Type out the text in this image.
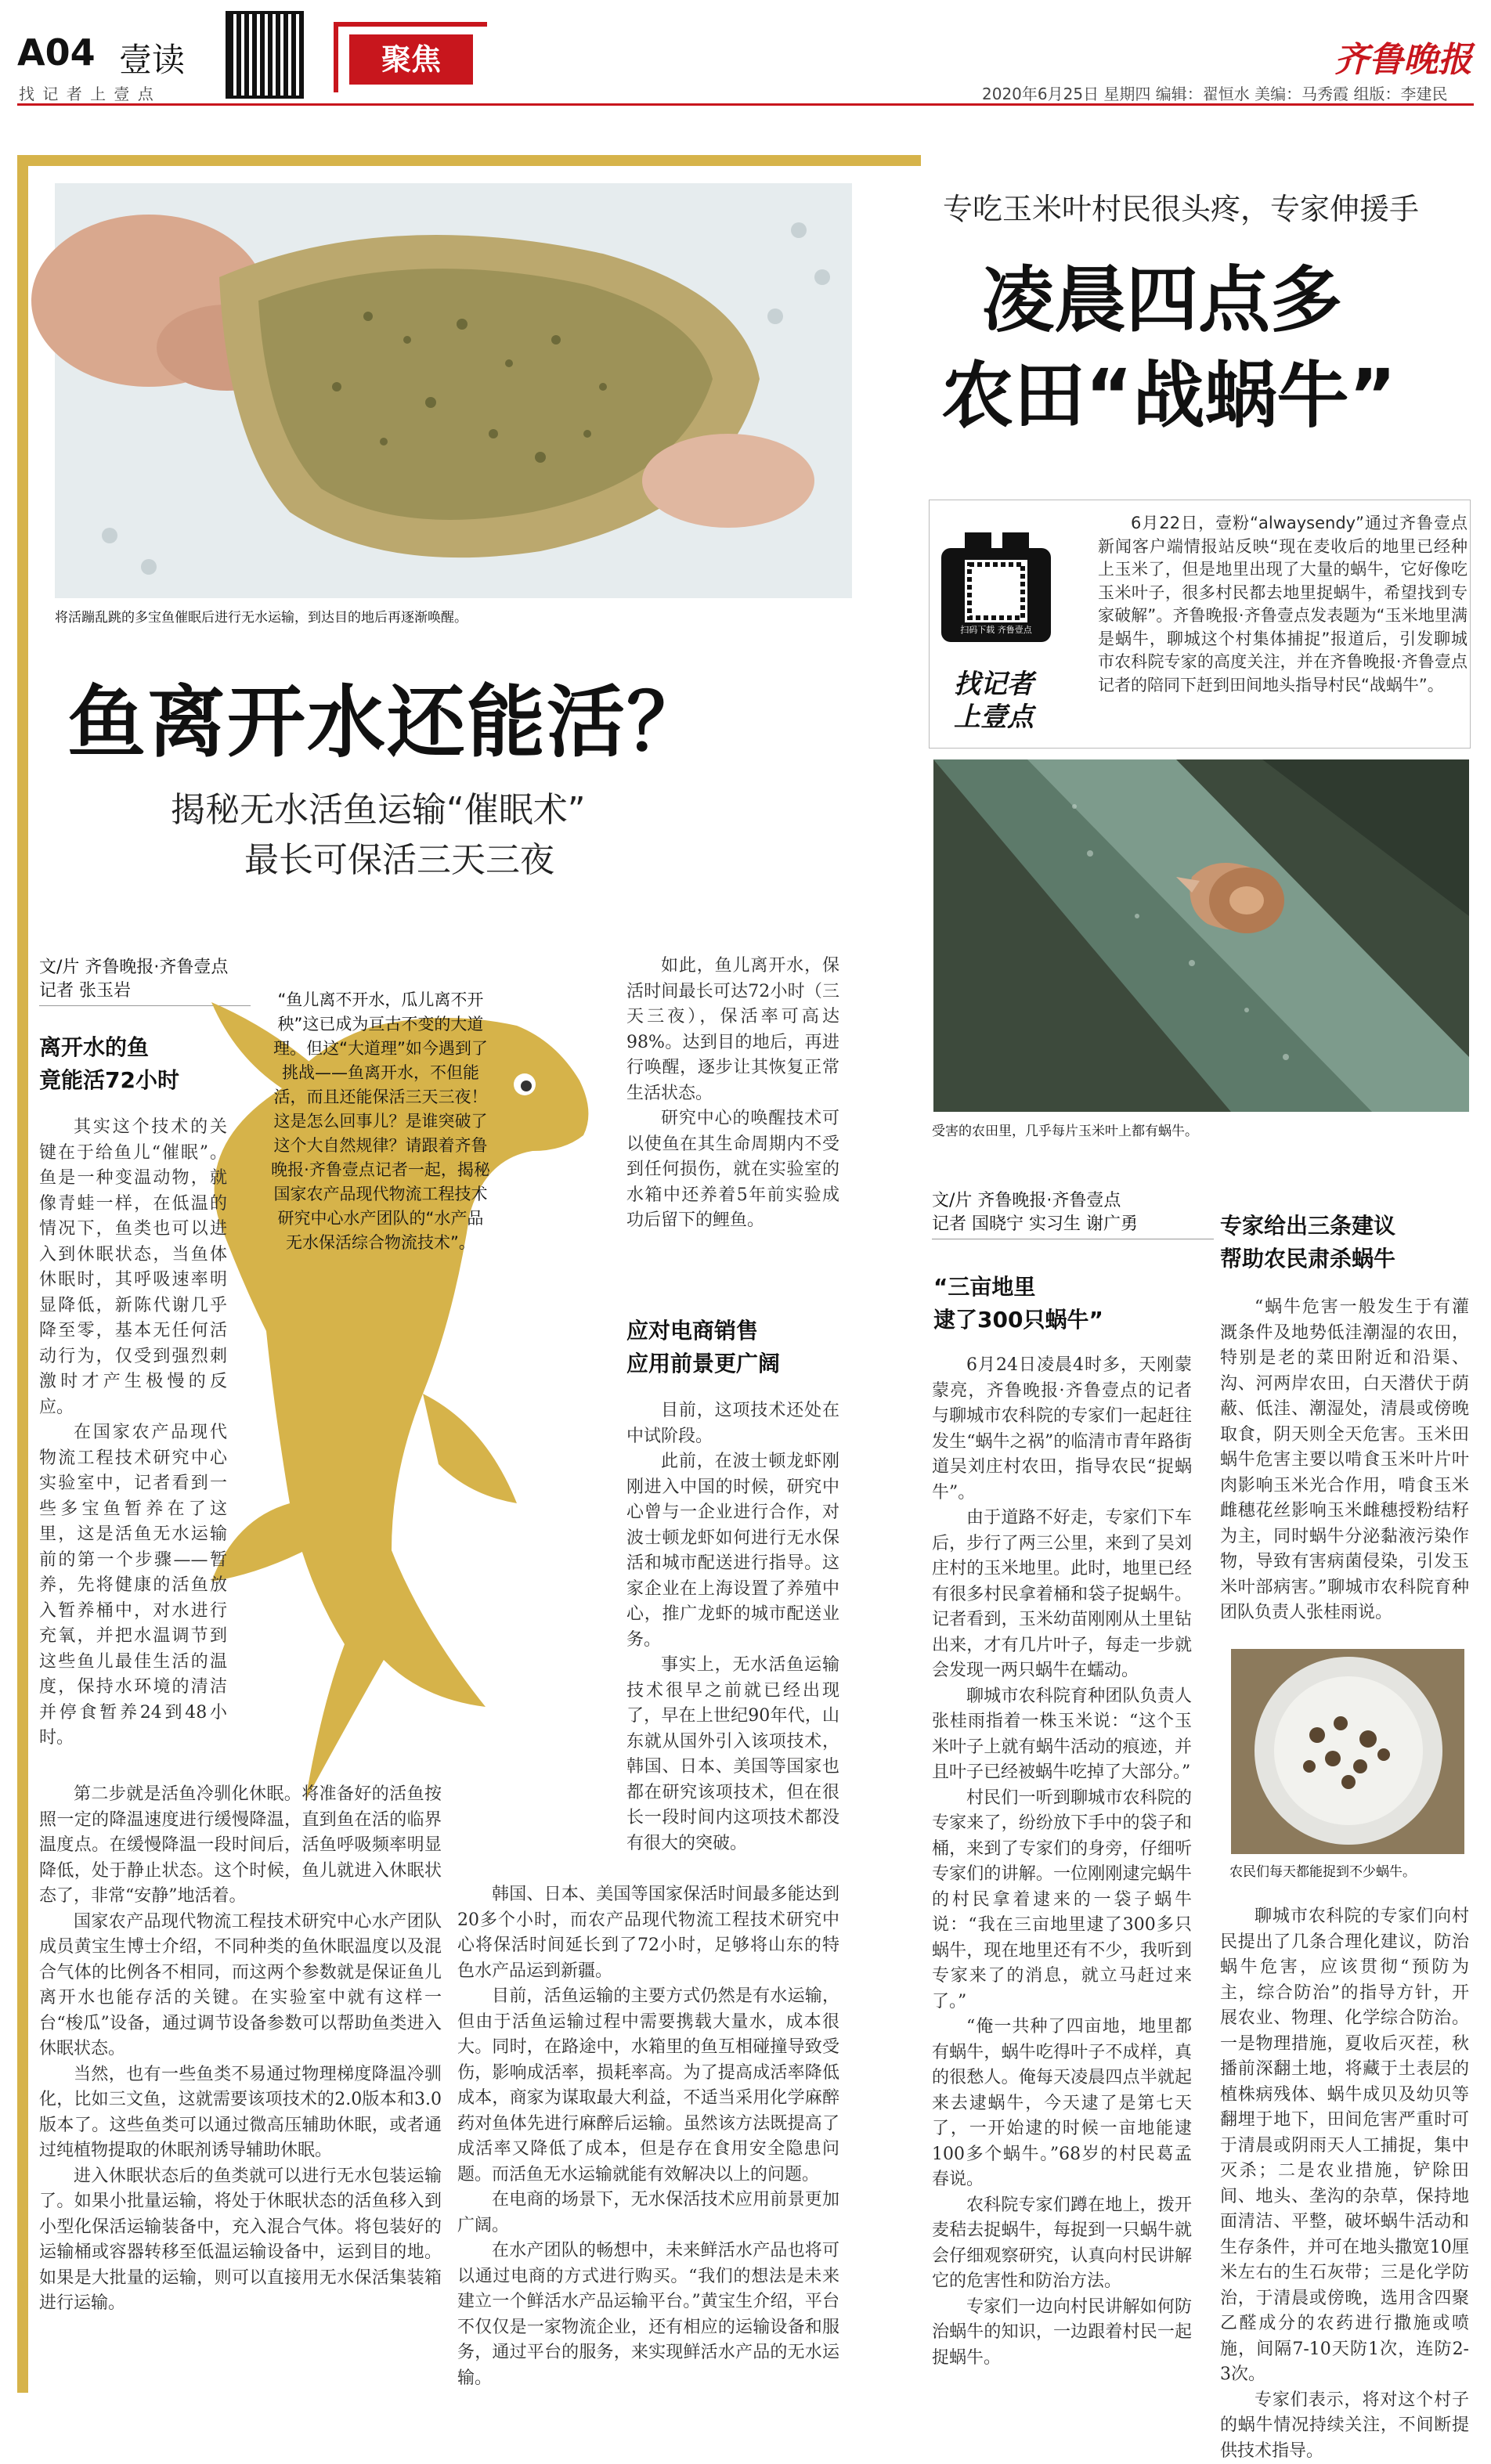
A04 壹读
找 记 者 上 壹 点
聚焦	齐鲁晚报
2020年6月25日 星期四 编辑：翟恒水 美编：马秀霞 组版：李建民
将活蹦乱跳的多宝鱼催眠后进行无水运输，到达目的地后再逐渐唤醒。
鱼离开水还能活？
揭秘无水活鱼运输“催眠术”
最长可保活三天三夜
文/片 齐鲁晚报·齐鲁壹点
记者 张玉岩
离开水的鱼
竟能活72小时
“鱼儿离不开水，瓜儿离不开秧”这已成为亘古不变的大道理。但这“大道理”如今遇到了挑战——鱼离开水，不但能活，而且还能保活三天三夜！这是怎么回事儿？是谁突破了这个大自然规律？请跟着齐鲁晚报·齐鲁壹点记者一起，揭秘国家农产品现代物流工程技术研究中心水产团队的“水产品无水保活综合物流技术”。

其实这个技术的关键在于给鱼儿“催眠”。鱼是一种变温动物，就像青蛙一样，在低温的情况下，鱼类也可以进入到休眠状态，当鱼体休眠时，其呼吸速率明显降低，新陈代谢几乎降至零，基本无任何活动行为，仅受到强烈刺激时才产生极慢的反应。

在国家农产品现代物流工程技术研究中心实验室中，记者看到一些多宝鱼暂养在了这里，这是活鱼无水运输前的第一个步骤——暂养，先将健康的活鱼放入暂养桶中，对水进行充氧，并把水温调节到这些鱼儿最佳生活的温度，保持水环境的清洁并停食暂养24到48小时。

如此，鱼儿离开水，保活时间最长可达72小时（三天三夜），保活率可高达98%。达到目的地后，再进行唤醒，逐步让其恢复正常生活状态。

研究中心的唤醒技术可以使鱼在其生命周期内不受到任何损伤，就在实验室的水箱中还养着5年前实验成功后留下的鲤鱼。

应对电商销售
应用前景更广阔

目前，这项技术还处在中试阶段。

此前，在波士顿龙虾刚刚进入中国的时候，研究中心曾与一企业进行合作，对波士顿龙虾如何进行无水保活和城市配送进行指导。这家企业在上海设置了养殖中心，推广龙虾的城市配送业务。

事实上，无水活鱼运输技术很早之前就已经出现了，早在上世纪90年代，山东就从国外引入该项技术，韩国、日本、美国等国家也都在研究该项技术，但在很长一段时间内这项技术都没有很大的突破。

第二步就是活鱼冷驯化休眠。将准备好的活鱼按照一定的降温速度进行缓慢降温，直到鱼在活的临界温度点。在缓慢降温一段时间后，活鱼呼吸频率明显降低，处于静止状态。这个时候，鱼儿就进入休眠状态了，非常“安静”地活着。

国家农产品现代物流工程技术研究中心水产团队成员黄宝生博士介绍，不同种类的鱼休眠温度以及混合气体的比例各不相同，而这两个参数就是保证鱼儿离开水也能存活的关键。在实验室中就有这样一台“梭瓜”设备，通过调节设备参数可以帮助鱼类进入休眠状态。

当然，也有一些鱼类不易通过物理梯度降温冷驯化，比如三文鱼，这就需要该项技术的2.0版本和3.0版本了。这些鱼类可以通过微高压辅助休眠，或者通过纯植物提取的休眠剂诱导辅助休眠。

进入休眠状态后的鱼类就可以进行无水包装运输了。如果小批量运输，将处于休眠状态的活鱼移入到小型化保活运输装备中，充入混合气体。将包装好的运输桶或容器转移至低温运输设备中，运到目的地。如果是大批量的运输，则可以直接用无水保活集装箱进行运输。

韩国、日本、美国等国家保活时间最多能达到20多个小时，而农产品现代物流工程技术研究中心将保活时间延长到了72小时，足够将山东的特色水产品运到新疆。

目前，活鱼运输的主要方式仍然是有水运输，但由于活鱼运输过程中需要携载大量水，成本很大。同时，在路途中，水箱里的鱼互相碰撞导致受伤，影响成活率，损耗率高。为了提高成活率降低成本，商家为谋取最大利益，不适当采用化学麻醉药对鱼体先进行麻醉后运输。虽然该方法既提高了成活率又降低了成本，但是存在食用安全隐患问题。而活鱼无水运输就能有效解决以上的问题。

在电商的场景下，无水保活技术应用前景更加广阔。

在水产团队的畅想中，未来鲜活水产品也将可以通过电商的方式进行购买。“我们的想法是未来建立一个鲜活水产品运输平台。”黄宝生介绍，平台不仅仅是一家物流企业，还有相应的运输设备和服务，通过平台的服务，来实现鲜活水产品的无水运输。

专吃玉米叶村民很头疼，专家伸援手
凌晨四点多
农田“战蜗牛”
扫码下载 齐鲁壹点
找记者
上壹点

6月22日，壹粉“alwaysendy”通过齐鲁壹点新闻客户端情报站反映“现在麦收后的地里已经种上玉米了，但是地里出现了大量的蜗牛，它好像吃玉米叶子，很多村民都去地里捉蜗牛，希望找到专家破解”。齐鲁晚报·齐鲁壹点发表题为“玉米地里满是蜗牛，聊城这个村集体捕捉”报道后，引发聊城市农科院专家的高度关注，并在齐鲁晚报·齐鲁壹点记者的陪同下赶到田间地头指导村民“战蜗牛”。

受害的农田里，几乎每片玉米叶上都有蜗牛。
文/片 齐鲁晚报·齐鲁壹点
记者 国晓宁 实习生 谢广勇
“三亩地里
逮了300只蜗牛”

6月24日凌晨4时多，天刚蒙蒙亮，齐鲁晚报·齐鲁壹点的记者与聊城市农科院的专家们一起赶往发生“蜗牛之祸”的临清市青年路街道吴刘庄村农田，指导农民“捉蜗牛”。

由于道路不好走，专家们下车后，步行了两三公里，来到了吴刘庄村的玉米地里。此时，地里已经有很多村民拿着桶和袋子捉蜗牛。记者看到，玉米幼苗刚刚从土里钻出来，才有几片叶子，每走一步就会发现一两只蜗牛在蠕动。

聊城市农科院育种团队负责人张桂雨指着一株玉米说：“这个玉米叶子上就有蜗牛活动的痕迹，并且叶子已经被蜗牛吃掉了大部分。”

村民们一听到聊城市农科院的专家来了，纷纷放下手中的袋子和桶，来到了专家们的身旁，仔细听专家们的讲解。一位刚刚逮完蜗牛的村民拿着逮来的一袋子蜗牛说：“我在三亩地里逮了300多只蜗牛，现在地里还有不少，我听到专家来了的消息，就立马赶过来了。”

“俺一共种了四亩地，地里都有蜗牛，蜗牛吃得叶子不成样，真的很愁人。俺每天凌晨四点半就起来去逮蜗牛，今天逮了是第七天了，一开始逮的时候一亩地能逮100多个蜗牛。”68岁的村民葛孟春说。

农科院专家们蹲在地上，拨开麦秸去捉蜗牛，每捉到一只蜗牛就会仔细观察研究，认真向村民讲解它的危害性和防治方法。

专家们一边向村民讲解如何防治蜗牛的知识，一边跟着村民一起捉蜗牛。

专家给出三条建议
帮助农民肃杀蜗牛

“蜗牛危害一般发生于有灌溉条件及地势低洼潮湿的农田，特别是老的菜田附近和沿渠、沟、河两岸农田，白天潜伏于荫蔽、低洼、潮湿处，清晨或傍晚取食，阴天则全天危害。玉米田蜗牛危害主要以啃食玉米叶片叶肉影响玉米光合作用，啃食玉米雌穗花丝影响玉米雌穗授粉结籽为主，同时蜗牛分泌黏液污染作物，导致有害病菌侵染，引发玉米叶部病害。”聊城市农科院育种团队负责人张桂雨说。

农民们每天都能捉到不少蜗牛。

聊城市农科院的专家们向村民提出了几条合理化建议，防治蜗牛危害，应该贯彻“预防为主，综合防治”的指导方针，开展农业、物理、化学综合防治。一是物理措施，夏收后灭茬，秋播前深翻土地，将藏于土表层的植株病残体、蜗牛成贝及幼贝等翻埋于地下，田间危害严重时可于清晨或阴雨天人工捕捉，集中灭杀；二是农业措施，铲除田间、地头、垄沟的杂草，保持地面清洁、平整，破坏蜗牛活动和生存条件，并可在地头撒宽10厘米左右的生石灰带；三是化学防治，于清晨或傍晚，选用含四聚乙醛成分的农药进行撒施或喷施，间隔7-10天防1次，连防2-3次。

专家们表示，将对这个村子的蜗牛情况持续关注，不间断提供技术指导。
